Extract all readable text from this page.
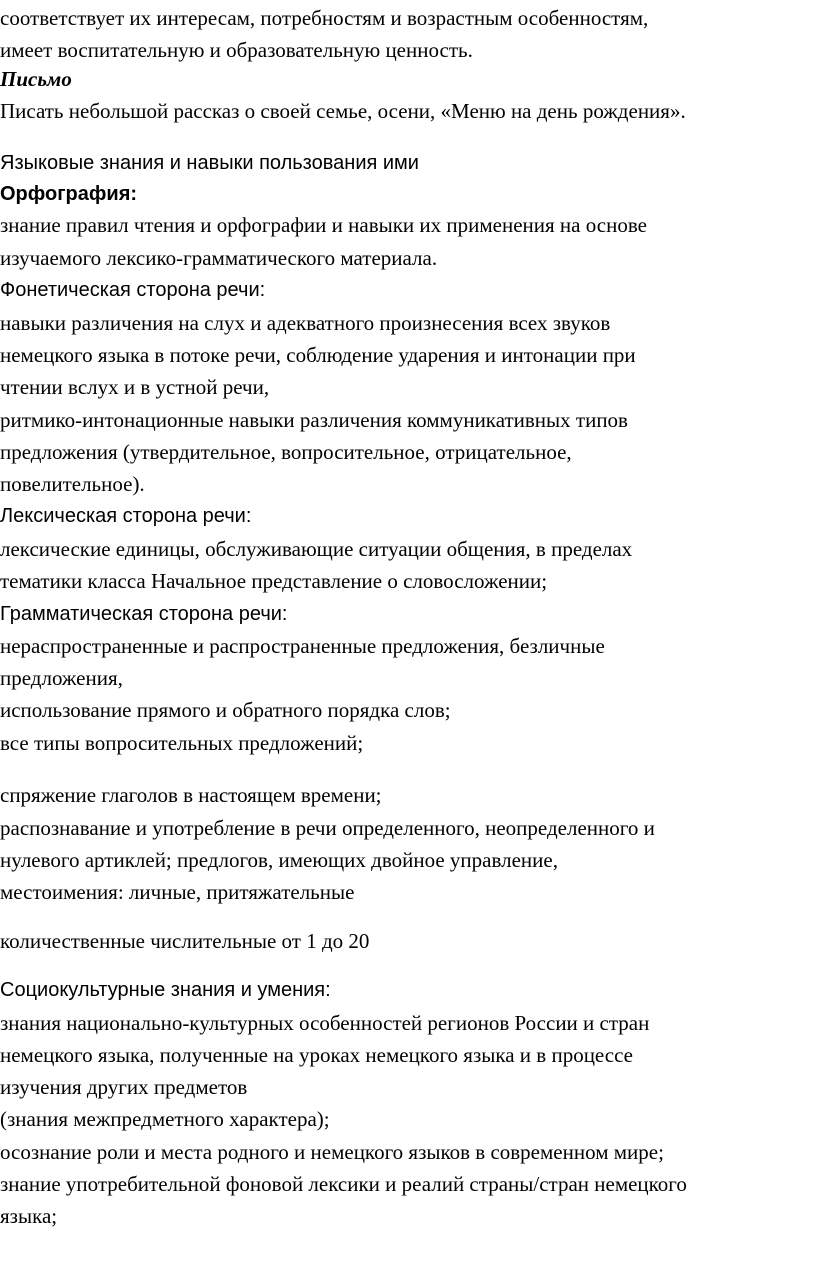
соответствует их интересам, потребностям и возрастным особенностям,
имеет воспитательную и образовательную ценность.
Письмо
Писать небольшой рассказ о своей семье, осени, «Меню на день рождения».
Языковые знания и навыки пользования ими
Орфография:
знание правил чтения и орфографии и навыки их применения на основе
изучаемого лексико-грамматического материала.
Фонетическая сторона речи:
навыки различения на слух и адекватного произнесения всех звуков
немецкого языка в потоке речи, соблюдение ударения и интонации при
чтении вслух и в устной речи,
ритмико-интонационные навыки различения коммуникативных типов
предложения (утвердительное, вопросительное, отрицательное,
повелительное).
Лексическая сторона речи:
лексические единицы, обслуживающие ситуации общения, в пределах
тематики класса Начальное представление о словосложении;
Грамматическая сторона речи:
нераспространенные и распространенные предложения, безличные
предложения,
использование прямого и обратного порядка слов;
все типы вопросительных предложений;
спряжение глаголов в настоящем времени;
распознавание и употребление в речи определенного, неопределенного и
нулевого артиклей; предлогов, имеющих двойное управление,
местоимения: личные, притяжательные
количественные числительные от 1 до 20
Социокультурные знания и умения:
знания национально-культурных особенностей регионов России и стран
немецкого языка, полученные на уроках немецкого языка и в процессе
изучения других предметов
(знания межпредметного характера);
осознание роли и места родного и немецкого языков в современном мире;
знание употребительной фоновой лексики и реалий страны/стран немецкого
языка;
